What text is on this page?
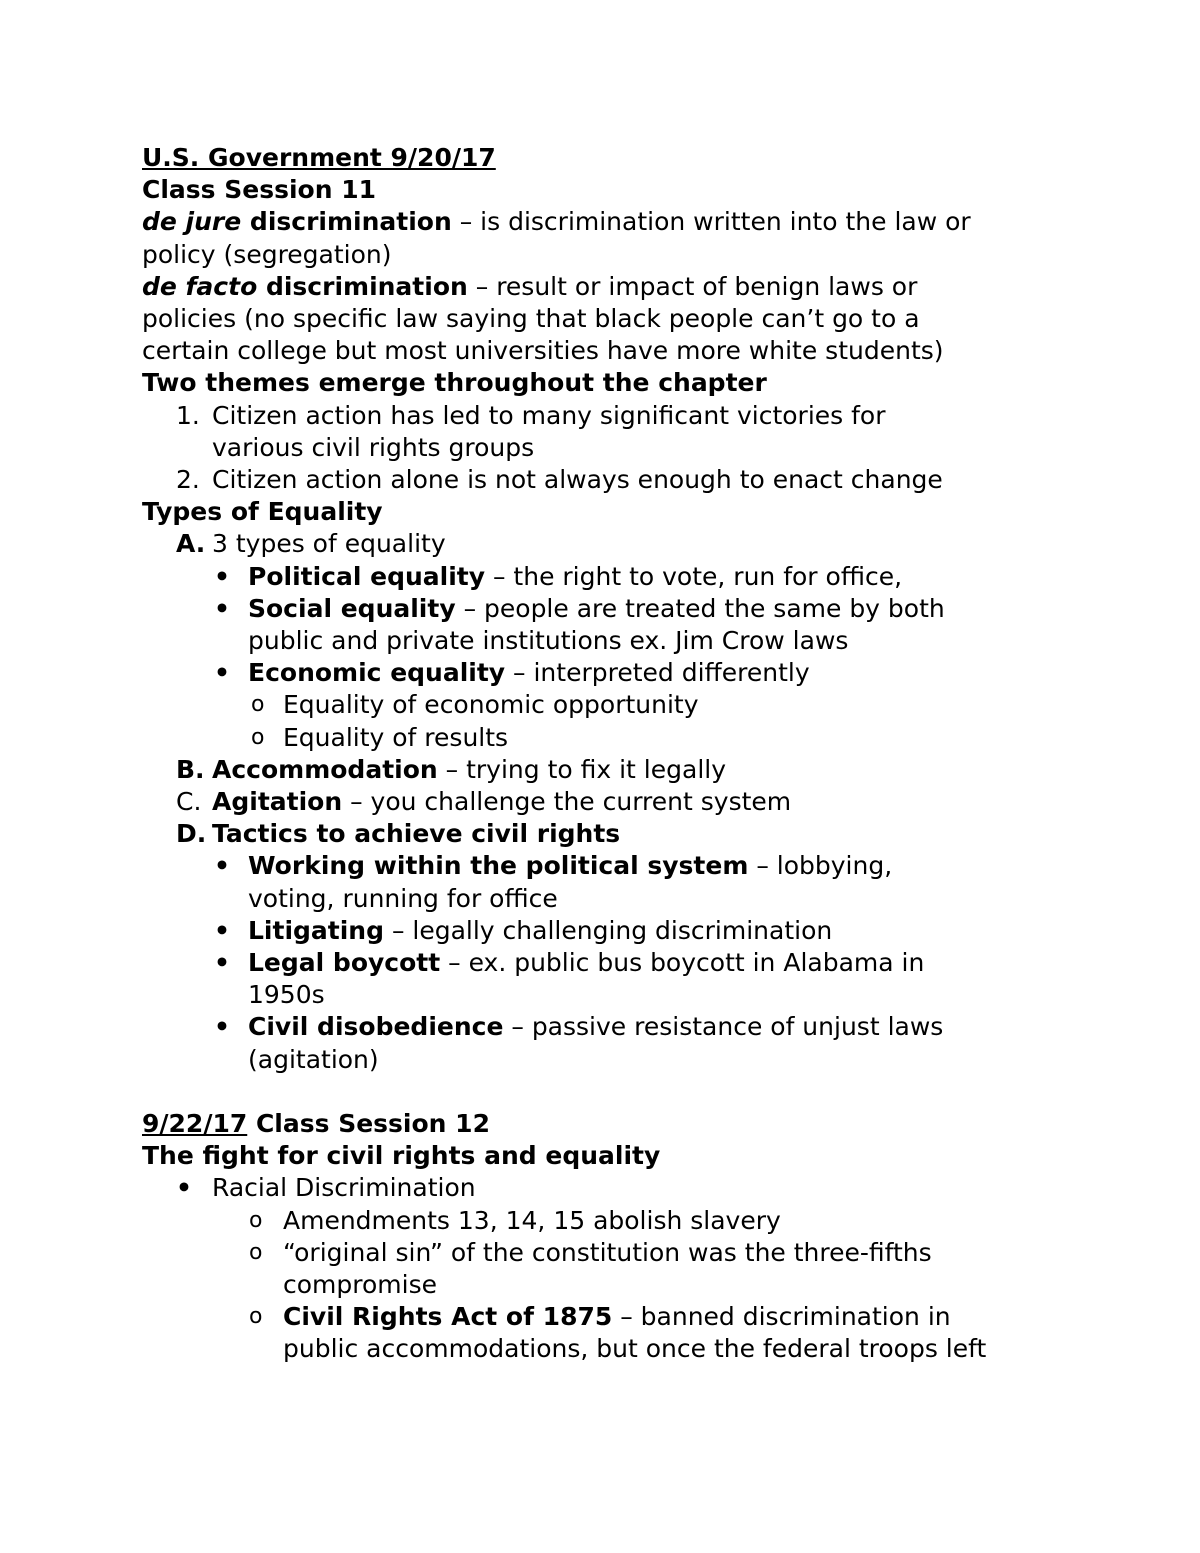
U.S. Government 9/20/17
Class Session 11
de jure discrimination – is discrimination written into the law or
policy (segregation)
de facto discrimination – result or impact of benign laws or
policies (no specific law saying that black people can’t go to a
certain college but most universities have more white students)
Two themes emerge throughout the chapter
1. Citizen action has led to many significant victories for
various civil rights groups
2. Citizen action alone is not always enough to enact change
Types of Equality
A. 3 types of equality
• Political equality – the right to vote, run for office,
• Social equality – people are treated the same by both
public and private institutions ex. Jim Crow laws
• Economic equality – interpreted differently
o Equality of economic opportunity
o Equality of results
B. Accommodation – trying to fix it legally
C. Agitation – you challenge the current system
D. Tactics to achieve civil rights
• Working within the political system – lobbying,
voting, running for office
• Litigating – legally challenging discrimination
• Legal boycott – ex. public bus boycott in Alabama in
1950s
• Civil disobedience – passive resistance of unjust laws
(agitation)
9/22/17 Class Session 12
The fight for civil rights and equality
• Racial Discrimination
o Amendments 13, 14, 15 abolish slavery
o “original sin” of the constitution was the three-fifths
compromise
o Civil Rights Act of 1875 – banned discrimination in
public accommodations, but once the federal troops left
